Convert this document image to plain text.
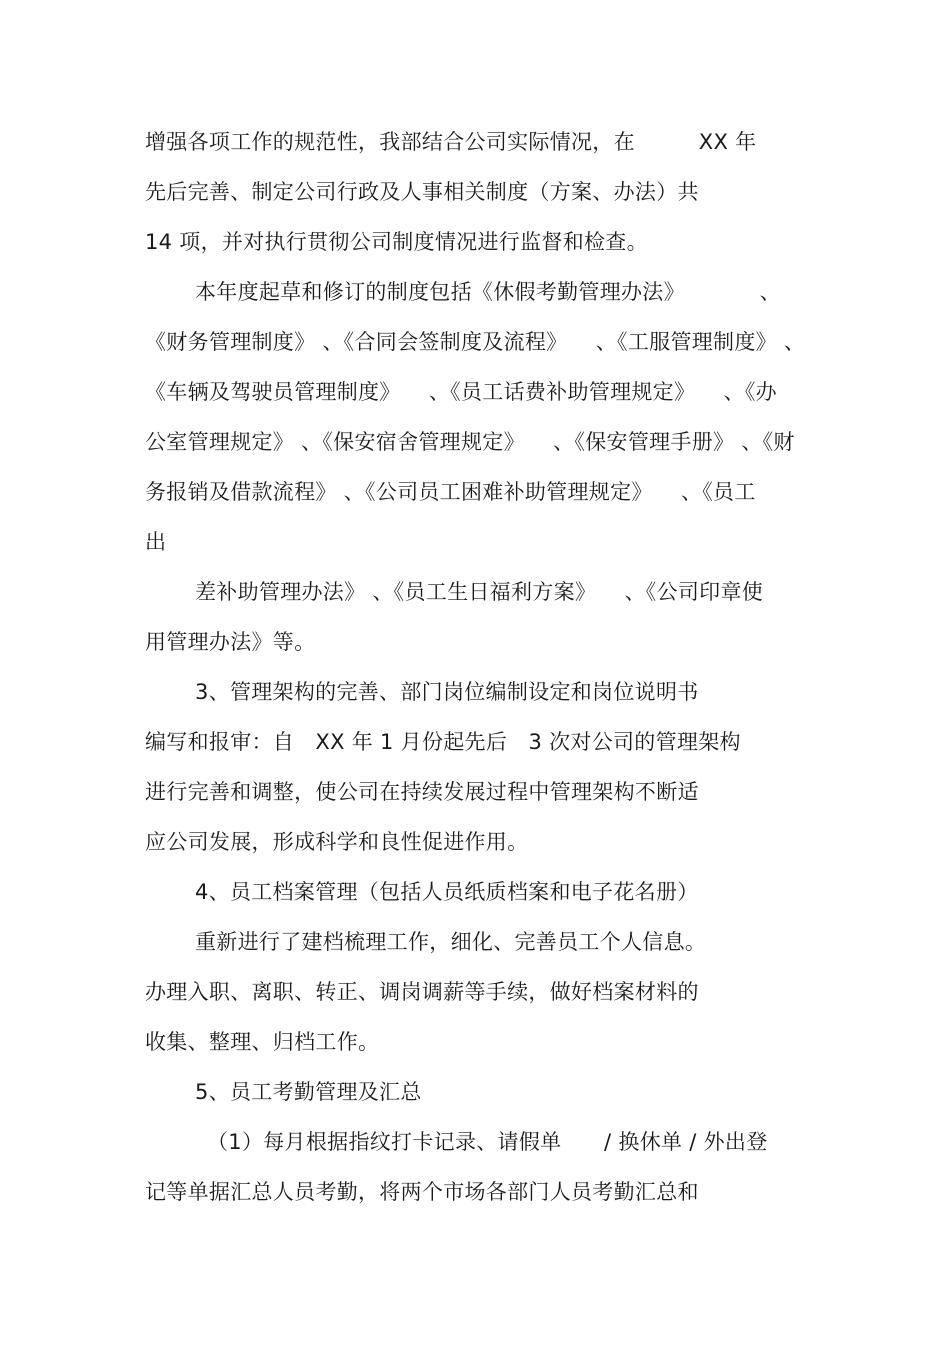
增强各项工作的规范性，我部结合公司实际情况，在　　　XX 年
先后完善、制定公司行政及人事相关制度（方案、办法）共
14 项，并对执行贯彻公司制度情况进行监督和检查。
本年度起草和修订的制度包括《休假考勤管理办法》　　　　、
《财务管理制度》 、《合同会签制度及流程》 　、《工服管理制度》 、
《车辆及驾驶员管理制度》 　、《员工话费补助管理规定》 　、《办
公室管理规定》 、《保安宿舍管理规定》 　、《保安管理手册》 、《财
务报销及借款流程》 、《公司员工困难补助管理规定》 　、《员工
出
差补助管理办法》 、《员工生日福利方案》 　、《公司印章使
用管理办法》等。
3、管理架构的完善、部门岗位编制设定和岗位说明书
编写和报审：自　XX 年 1 月份起先后　3 次对公司的管理架构
进行完善和调整，使公司在持续发展过程中管理架构不断适
应公司发展，形成科学和良性促进作用。
4、员工档案管理（包括人员纸质档案和电子花名册）
重新进行了建档梳理工作，细化、完善员工个人信息。
办理入职、离职、转正、调岗调薪等手续，做好档案材料的
收集、整理、归档工作。
5、员工考勤管理及汇总
（1）每月根据指纹打卡记录、请假单　　/ 换休单 / 外出登
记等单据汇总人员考勤，将两个市场各部门人员考勤汇总和
